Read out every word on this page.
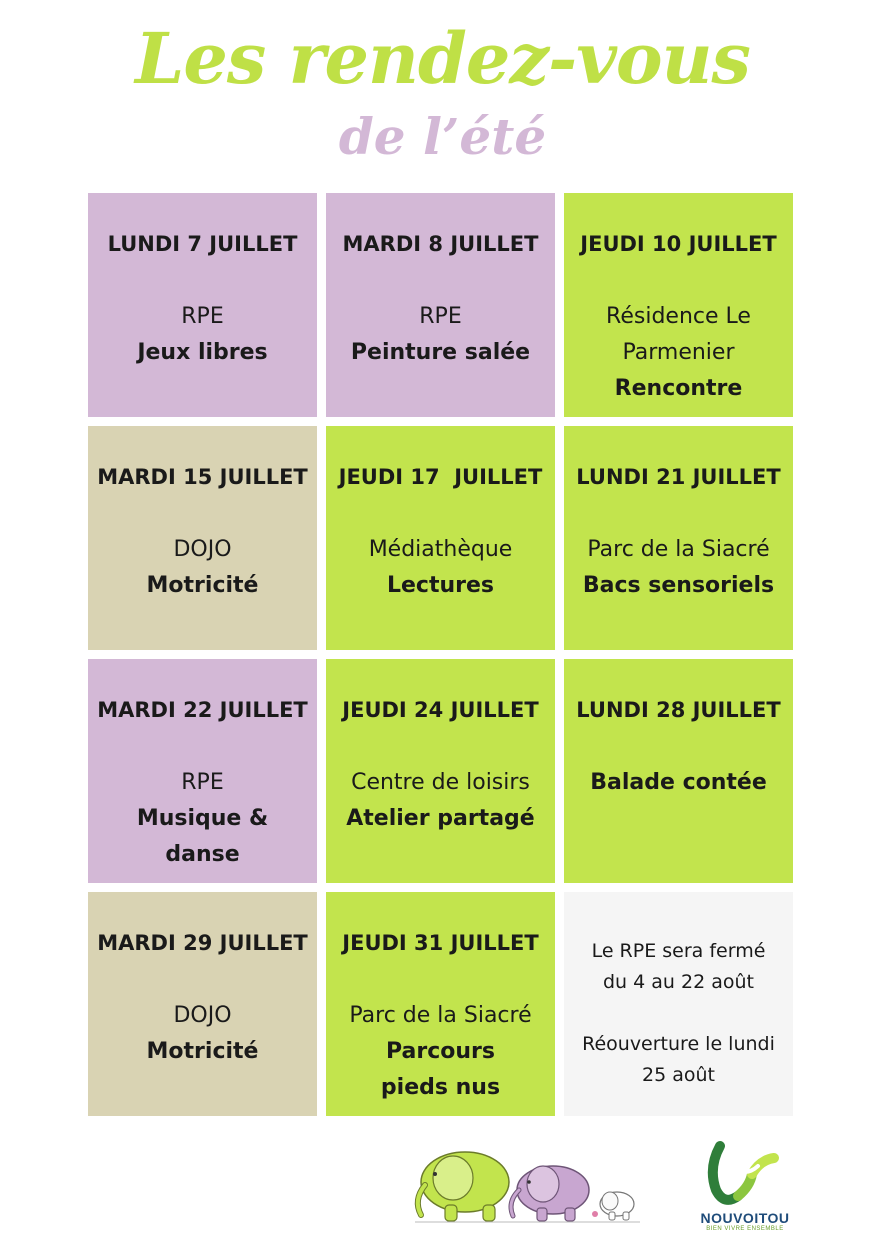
Les rendez-vous
de l’été
LUNDI 7 JUILLET
RPE
Jeux libres
MARDI 8 JUILLET
RPE
Peinture salée
JEUDI 10 JUILLET
Résidence Le Parmenier
Rencontre
MARDI 15 JUILLET
DOJO
Motricité
JEUDI 17  JUILLET
Médiathèque
Lectures
LUNDI 21 JUILLET
Parc de la Siacré
Bacs sensoriels
MARDI 22 JUILLET
RPE
Musique & danse
JEUDI 24 JUILLET
Centre de loisirs
Atelier partagé
LUNDI 28 JUILLET
Balade contée
MARDI 29 JUILLET
DOJO
Motricité
JEUDI 31 JUILLET
Parc de la Siacré
Parcours pieds nus
Le RPE sera fermé du 4 au 22 août
Réouverture le lundi 25 août
NOUVOITOU
BIEN VIVRE ENSEMBLE
